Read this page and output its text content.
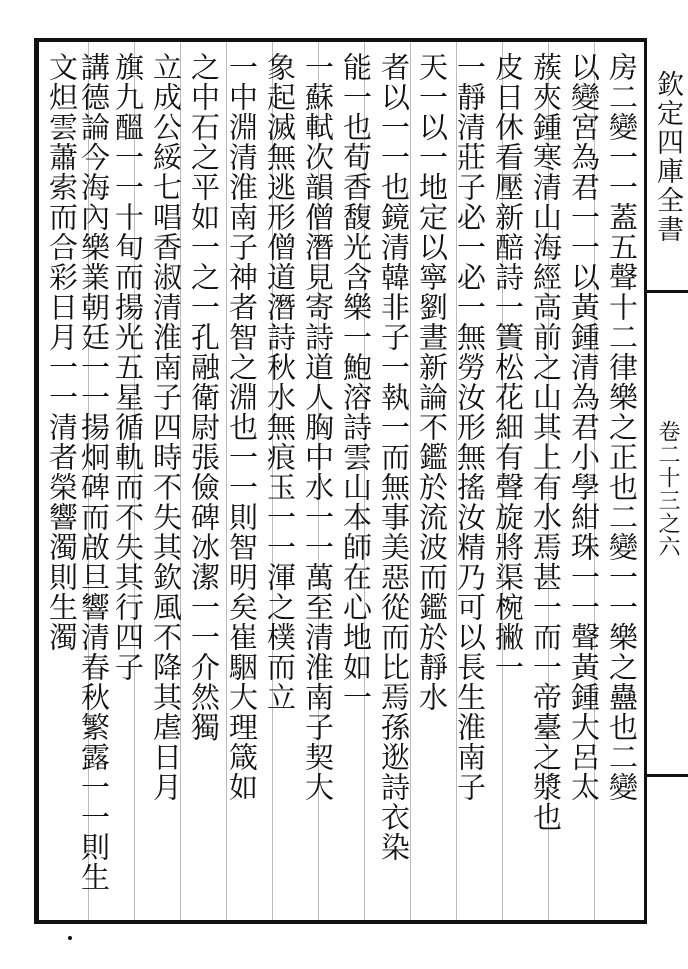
欽定四庫全書
卷二十三之六
房二變一一蓋五聲十二律樂之正也二變一一樂之蠱也二變
以變宮為君一一以黃鍾清為君小學紺珠一一聲黃鍾大呂太
蔟夾鍾寒清山海經高前之山其上有水焉甚一而一帝臺之漿也
皮日休看壓新醅詩一簀松花細有聲旋將渠椀撇一
一靜清莊子必一必一無勞汝形無搖汝精乃可以長生淮南子
天一以一地定以寧劉晝新論不鑑於流波而鑑於靜水
者以一一也鏡清韓非子一執一而無事美惡從而比焉孫逖詩衣染
能一也荀香馥光含樂一鮑溶詩雲山本師在心地如一
一蘇軾次韻僧潛見寄詩道人胸中水一一萬至清淮南子契大
象起滅無逃形僧道潛詩秋水無痕玉一一渾之樸而立
一中淵清淮南子神者智之淵也一一則智明矣崔駰大理箴如
之中石之平如一之一孔融衛尉張儉碑冰潔一一介然獨
立成公綏七唱香淑清淮南子四時不失其欽風不降其虐日月
旗九醞一一十旬而揚光五星循軌而不失其行四子
講德論今海內樂業朝廷一一揚炯碑而啟旦響清春秋繁露一一則生
文炟雲蕭索而合彩日月一一清者榮響濁則生濁
